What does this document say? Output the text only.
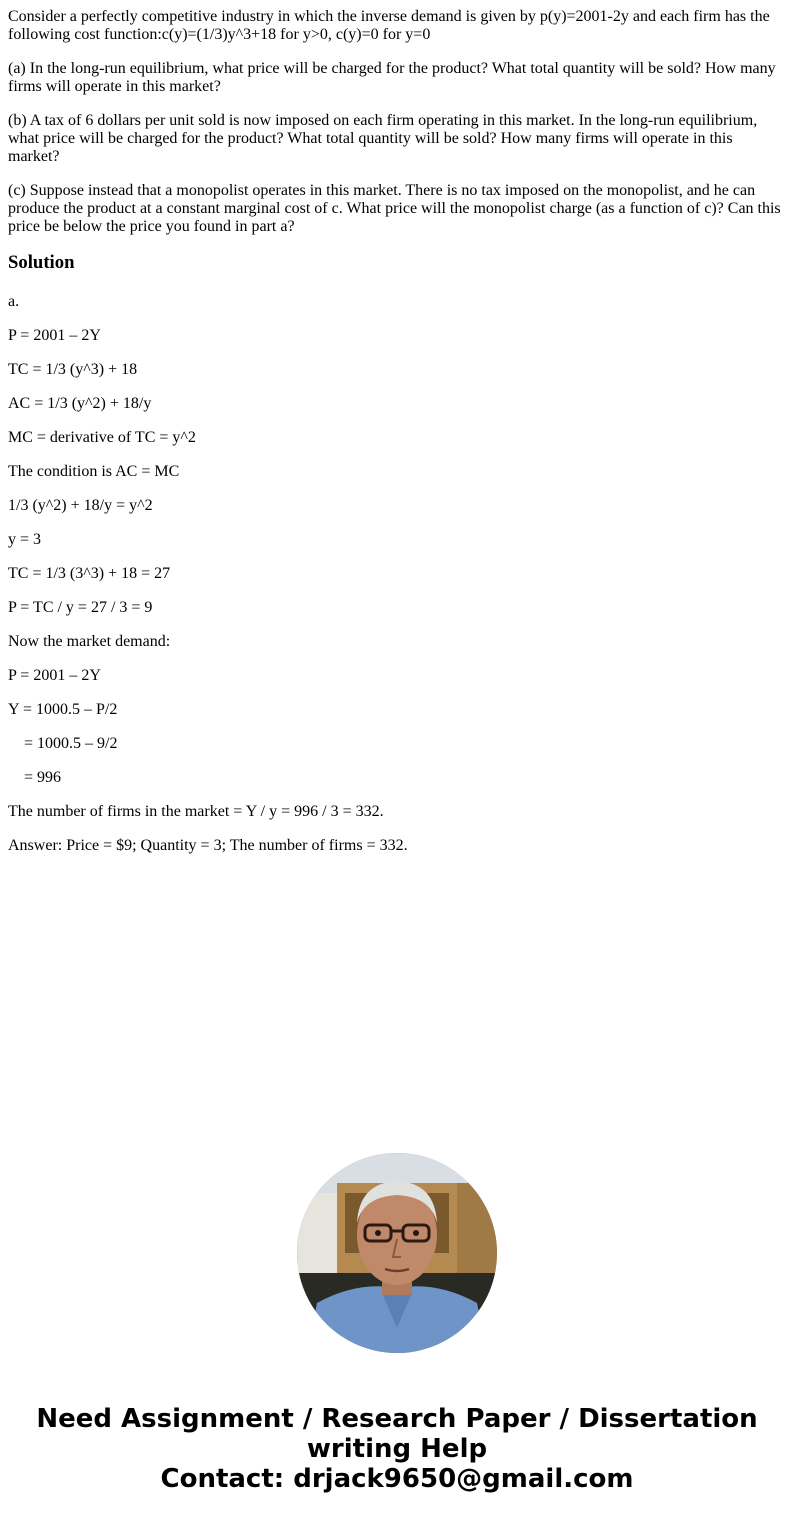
Consider a perfectly competitive industry in which the inverse demand is given by p(y)=2001-2y and each firm has the following cost function:c(y)=(1/3)y^3+18 for y>0, c(y)=0 for y=0

(a) In the long-run equilibrium, what price will be charged for the product? What total quantity will be sold? How many firms will operate in this market?

(b) A tax of 6 dollars per unit sold is now imposed on each firm operating in this market. In the long-run equilibrium, what price will be charged for the product? What total quantity will be sold? How many firms will operate in this market?

(c) Suppose instead that a monopolist operates in this market. There is no tax imposed on the monopolist, and he can produce the product at a constant marginal cost of c. What price will the monopolist charge (as a function of c)? Can this price be below the price you found in part a?

Solution

a.

P = 2001 – 2Y

TC = 1/3 (y^3) + 18

AC = 1/3 (y^2) + 18/y

MC = derivative of TC = y^2

The condition is AC = MC

1/3 (y^2) + 18/y = y^2

y = 3

TC = 1/3 (3^3) + 18 = 27

P = TC / y = 27 / 3 = 9

Now the market demand:

P = 2001 – 2Y

Y = 1000.5 – P/2

= 1000.5 – 9/2

= 996

The number of firms in the market = Y / y = 996 / 3 = 332.

Answer: Price = $9; Quantity = 3; The number of firms = 332.

Need Assignment / Research Paper / Dissertation
writing Help
Contact: drjack9650@gmail.com
